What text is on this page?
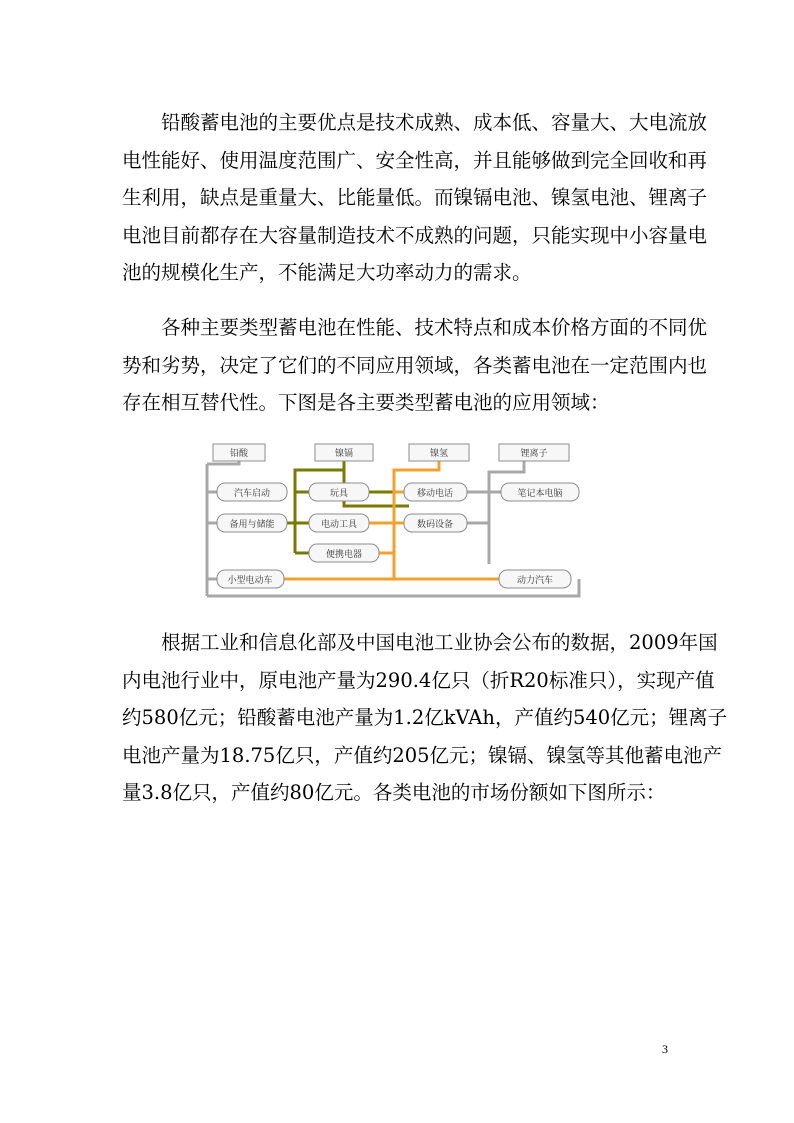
铅酸蓄电池的主要优点是技术成熟、成本低、容量大、大电流放
电性能好、使用温度范围广、安全性高，并且能够做到完全回收和再
生利用，缺点是重量大、比能量低。而镍镉电池、镍氢电池、锂离子
电池目前都存在大容量制造技术不成熟的问题，只能实现中小容量电
池的规模化生产，不能满足大功率动力的需求。
各种主要类型蓄电池在性能、技术特点和成本价格方面的不同优
势和劣势，决定了它们的不同应用领域，各类蓄电池在一定范围内也
存在相互替代性。下图是各主要类型蓄电池的应用领域：
铅酸	镍镉	镍氢	锂离子
汽车启动
备用与储能
玩具
电动工具
便携电器
移动电话
数码设备
笔记本电脑
小型电动车	动力汽车
根据工业和信息化部及中国电池工业协会公布的数据，2009年国
内电池行业中，原电池产量为290.4亿只（折R20标准只），实现产值
约580亿元；铅酸蓄电池产量为1.2亿kVAh，产值约540亿元；锂离子
电池产量为18.75亿只，产值约205亿元；镍镉、镍氢等其他蓄电池产
量3.8亿只，产值约80亿元。各类电池的市场份额如下图所示：
3
